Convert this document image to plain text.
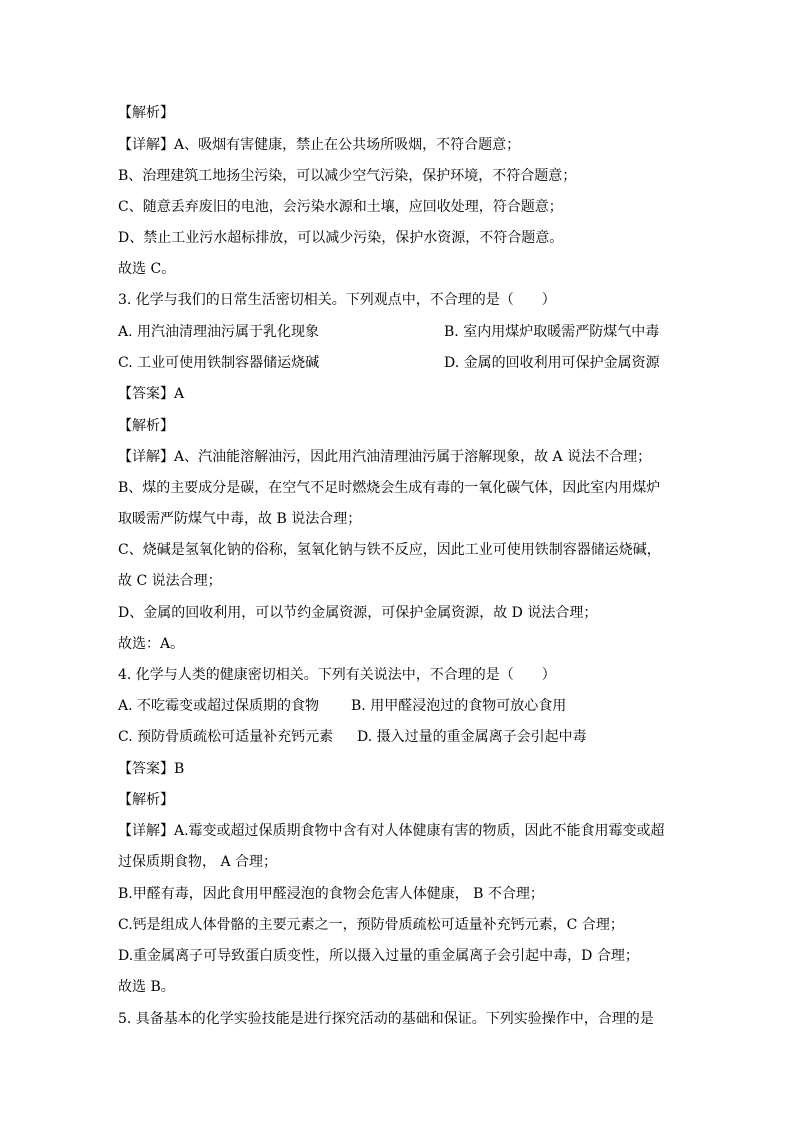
【解析】
【详解】A、吸烟有害健康，禁止在公共场所吸烟，不符合题意；
B、治理建筑工地扬尘污染，可以减少空气污染，保护环境，不符合题意；
C、随意丢弃废旧的电池，会污染水源和土壤，应回收处理，符合题意；
D、禁止工业污水超标排放，可以减少污染，保护水资源，不符合题意。
故选 C。
3. 化学与我们的日常生活密切相关。下列观点中，不合理的是（　　）
A. 用汽油清理油污属于乳化现象	B. 室内用煤炉取暖需严防煤气中毒
C. 工业可使用铁制容器储运烧碱	D. 金属的回收利用可保护金属资源
【答案】A
【解析】
【详解】A、汽油能溶解油污，因此用汽油清理油污属于溶解现象，故 A 说法不合理；
B、煤的主要成分是碳，在空气不足时燃烧会生成有毒的一氧化碳气体，因此室内用煤炉
取暖需严防煤气中毒，故 B 说法合理；
C、烧碱是氢氧化钠的俗称，氢氧化钠与铁不反应，因此工业可使用铁制容器储运烧碱，
故 C 说法合理；
D、金属的回收利用，可以节约金属资源，可保护金属资源，故 D 说法合理；
故选：A。
4. 化学与人类的健康密切相关。下列有关说法中，不合理的是（　　）
A. 不吃霉变或超过保质期的食物 B. 用甲醛浸泡过的食物可放心食用
C. 预防骨质疏松可适量补充钙元素 D. 摄入过量的重金属离子会引起中毒
【答案】B
【解析】
【详解】A.霉变或超过保质期食物中含有对人体健康有害的物质，因此不能食用霉变或超
过保质期食物， A 合理；
B.甲醛有毒，因此食用甲醛浸泡的食物会危害人体健康， B 不合理；
C.钙是组成人体骨骼的主要元素之一，预防骨质疏松可适量补充钙元素，C 合理；
D.重金属离子可导致蛋白质变性，所以摄入过量的重金属离子会引起中毒，D 合理；
故选 B。
5. 具备基本的化学实验技能是进行探究活动的基础和保证。下列实验操作中，合理的是
